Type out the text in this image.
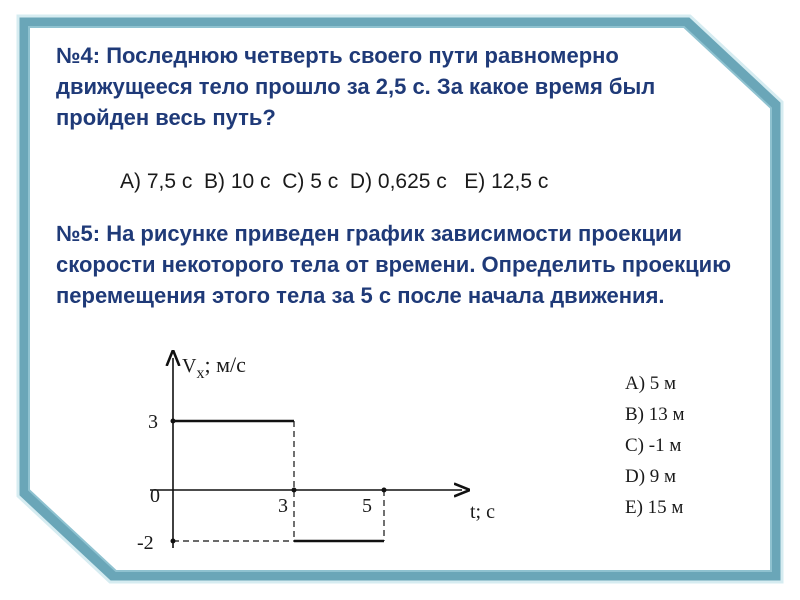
№4: Последнюю четверть своего пути равномерно движущееся тело прошло за 2,5 с. За какое время был пройден весь путь?

A) 7,5 c  B) 10 c  C) 5 c  D) 0,625 c   E) 12,5 c

№5: На рисунке приведен график зависимости проекции скорости некоторого тела от времени. Определить проекцию перемещения этого тела за 5 с после начала движения.

$V_x$; м/с
t; с
3
0
-2
3	5
A) 5 м
B) 13 м
C) -1 м
D) 9 м
E) 15 м
